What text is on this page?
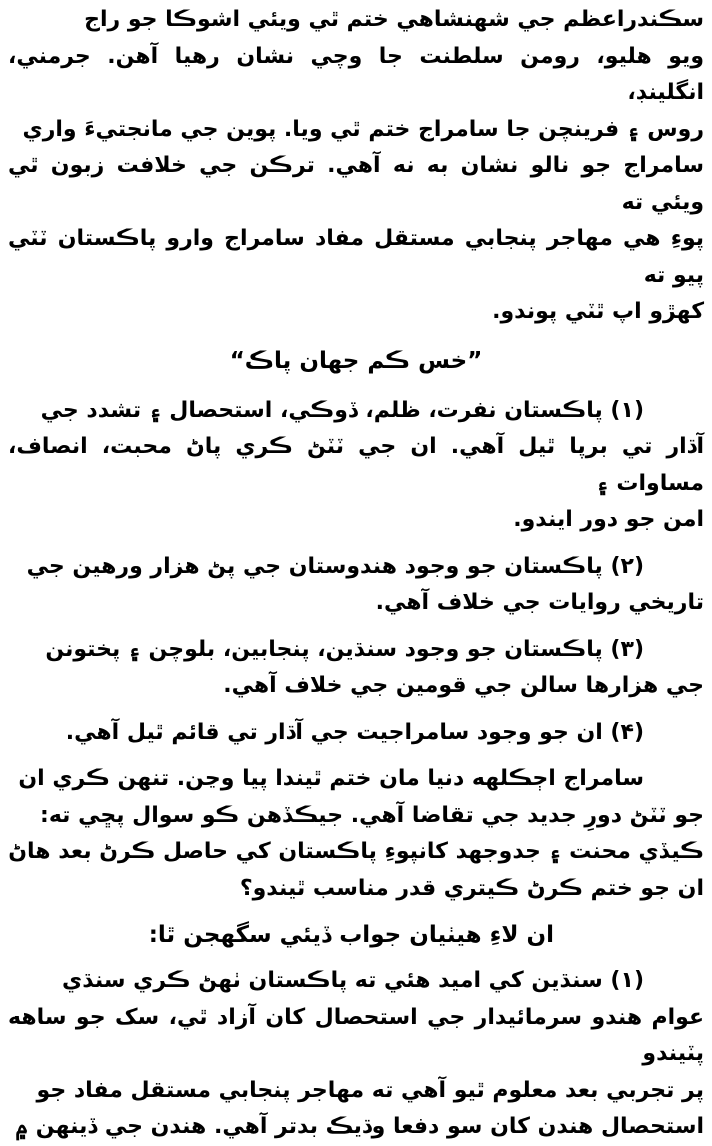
سڪندراعظم جي شهنشاهي ختم ٿي ويئي اشوڪا جو راج
ويو هليو، رومن سلطنت جا وچي نشان رهيا آهن. جرمني، انگلينڊ،
روس ۽ فرينچن جا سامراج ختم ٿي ويا. پوين جي مانجتيءَ واري
سامراج جو نالو نشان به نه آهي. ترڪن جي خلافت زبون ٿي ويئي ته
پوءِ هي مهاجر پنجابي مستقل مفاد سامراج وارو پاڪستان ٽٽي پيو ته
کهڙو اپ ٿٽي پوندو.

”خس ڪم جهان پاڪ“

(١) پاڪستان نفرت، ظلم، ڏوڪي، استحصال ۽ تشدد جي
آڌار تي برپا ٿيل آهي. ان جي ٽٽڻ ڪري پاڻ محبت، انصاف، مساوات ۽
امن جو دور ايندو.

(٢) پاڪستان جو وجود هندوستان جي پڻ هزار ورهين جي
تاريخي روايات جي خلاف آهي.

(٣) پاڪستان جو وجود سنڌين، پنجابين، بلوچن ۽ پختونن
جي هزارها سالن جي قومين جي خلاف آهي.

(۴) ان جو وجود سامراجيت جي آڌار تي قائم ٿيل آهي.

سامراج اڄڪلهه دنيا مان ختم ٿيندا پيا وڃن. تنهن ڪري ان
جو ٽٽڻ دورِ جديد جي تقاضا آهي. جيڪڏهن ڪو سوال پڇي ته:
ڪيڏي محنت ۽ جدوجهد کانپوءِ پاڪستان کي حاصل ڪرڻ بعد هاڻ
ان جو ختم ڪرڻ ڪيتري قدر مناسب ٿيندو؟

ان لاءِ هيٺيان جواب ڏيئي سگهجن ٿا:

(١) سنڌين کي اميد هئي ته پاڪستان ٺهڻ ڪري سنڌي
عوام هندو سرمائيدار جي استحصال کان آزاد ٿي، سک جو ساهه پٽيندو
پر تجربي بعد معلوم ٿيو آهي ته مهاجر پنجابي مستقل مفاد جو
استحصال هندن کان سو دفعا وڌيڪ بدتر آهي. هندن جي ڏينهن ۾
